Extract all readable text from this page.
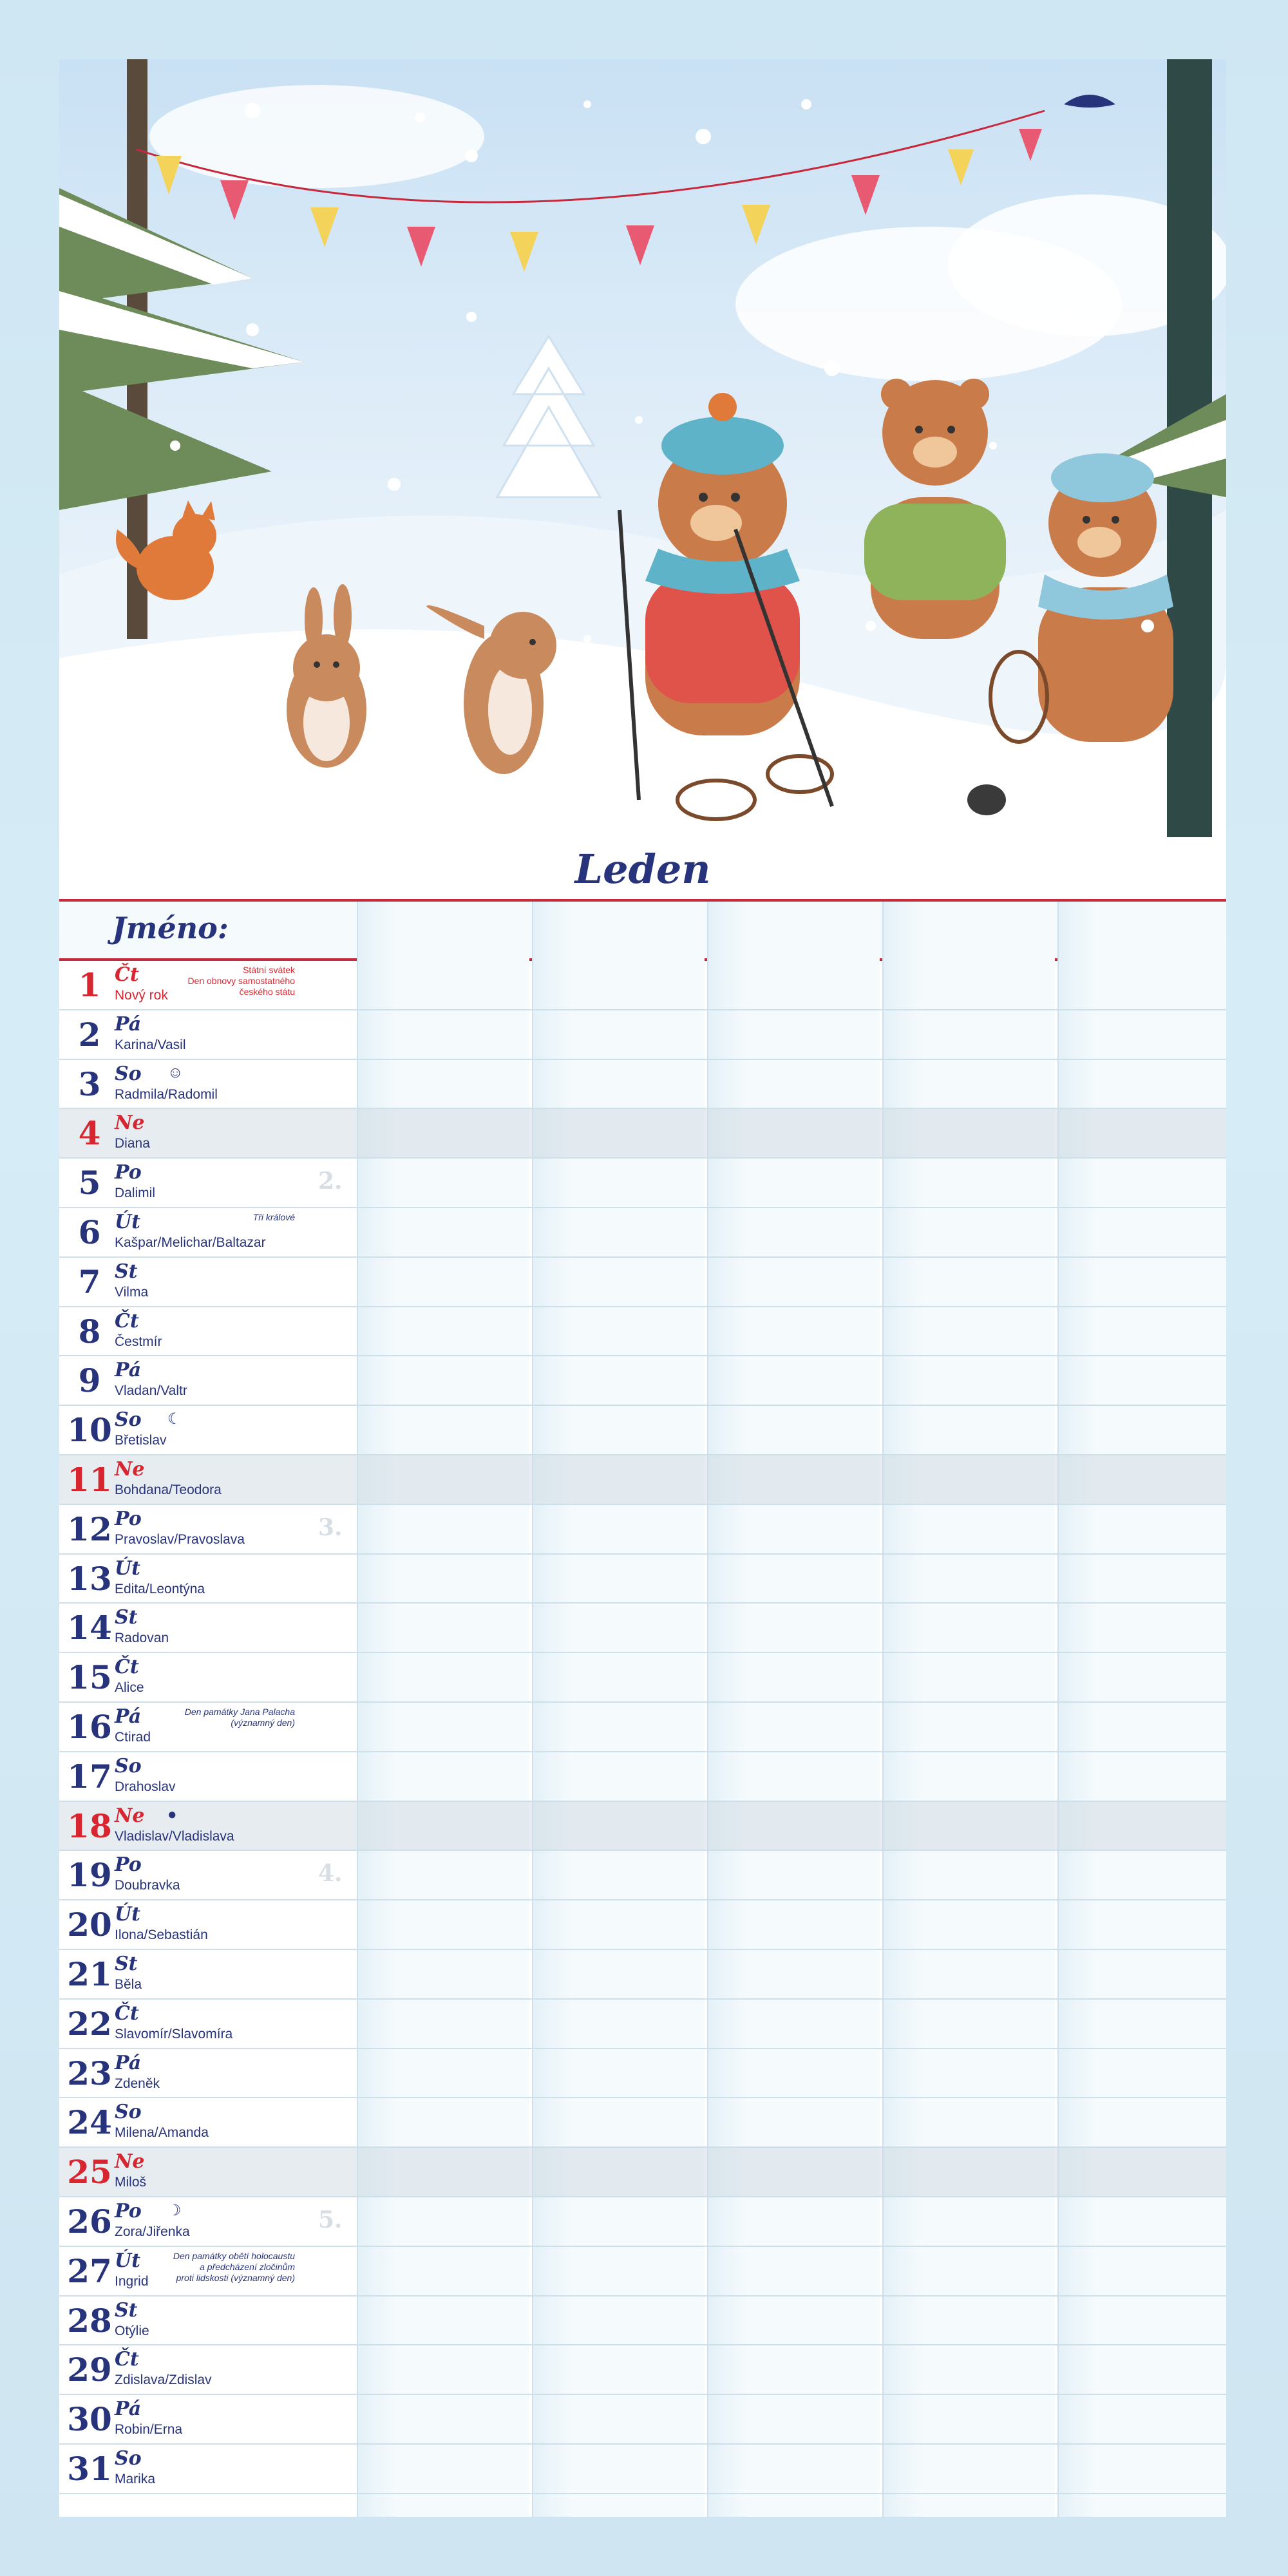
Leden
Jméno:
1 Čt
Nový rok
Státní svátek
Den obnovy samostatného
českého státu
2 Pá
Karina/Vasil
3 So
Radmila/Radomil
☺
4 Ne
Diana
5 Po
Dalimil	2.
6 Út
Kašpar/Melichar/Baltazar
Tři králové
7 St
Vilma
8 Čt
Čestmír
9 Pá
Vladan/Valtr
10 So
Břetislav
☾
11 Ne
Bohdana/Teodora
12 Po
Pravoslav/Pravoslava	3.
13 Út
Edita/Leontýna
14 St
Radovan
15 Čt
Alice
16 Pá
Ctirad
Den památky Jana Palacha
(významný den)
17 So
Drahoslav
18 Ne
Vladislav/Vladislava
●
19 Po
Doubravka	4.
20 Út
Ilona/Sebastián
21 St
Běla
22 Čt
Slavomír/Slavomíra
23 Pá
Zdeněk
24 So
Milena/Amanda
25 Ne
Miloš
26 Po
Zora/Jiřenka
☽	5.
27 Út
Ingrid
Den památky obětí holocaustu
a předcházení zločinům
proti lidskosti (významný den)
28 St
Otýlie
29 Čt
Zdislava/Zdislav
30 Pá
Robin/Erna
31 So
Marika
